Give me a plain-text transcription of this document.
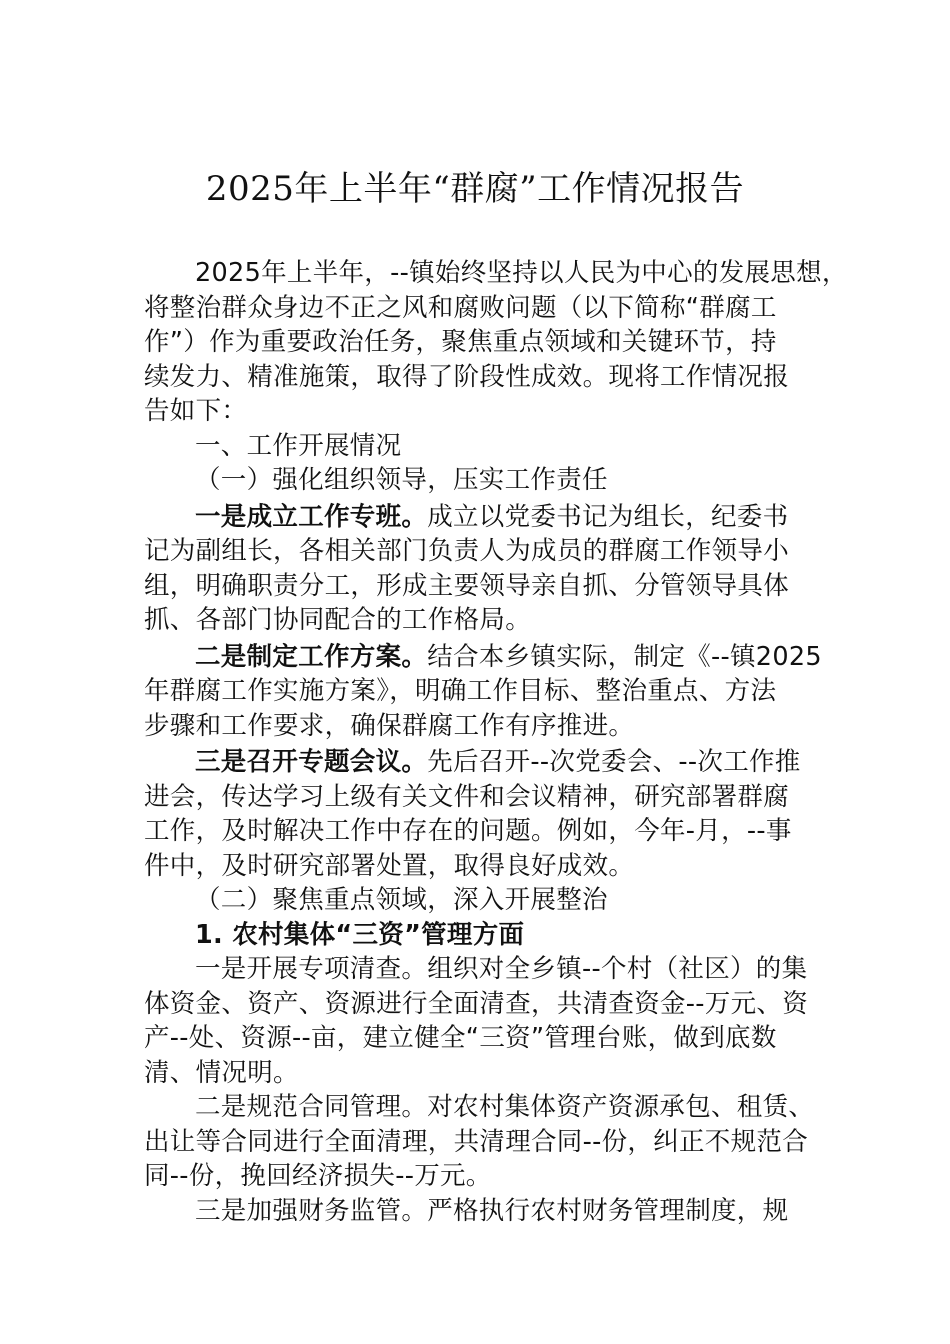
2025年上半年“群腐”工作情况报告
2025年上半年，--镇始终坚持以人民为中心的发展思想，
将整治群众身边不正之风和腐败问题（以下简称“群腐工
作”）作为重要政治任务，聚焦重点领域和关键环节，持
续发力、精准施策，取得了阶段性成效。现将工作情况报
告如下：
一、工作开展情况
（一）强化组织领导，压实工作责任
一是成立工作专班。成立以党委书记为组长，纪委书
记为副组长，各相关部门负责人为成员的群腐工作领导小
组，明确职责分工，形成主要领导亲自抓、分管领导具体
抓、各部门协同配合的工作格局。
二是制定工作方案。结合本乡镇实际，制定《--镇2025
年群腐工作实施方案》，明确工作目标、整治重点、方法
步骤和工作要求，确保群腐工作有序推进。
三是召开专题会议。先后召开--次党委会、--次工作推
进会，传达学习上级有关文件和会议精神，研究部署群腐
工作，及时解决工作中存在的问题。例如，今年-月，--事
件中，及时研究部署处置，取得良好成效。
（二）聚焦重点领域，深入开展整治
1. 农村集体“三资”管理方面
一是开展专项清查。组织对全乡镇--个村（社区）的集
体资金、资产、资源进行全面清查，共清查资金--万元、资
产--处、资源--亩，建立健全“三资”管理台账，做到底数
清、情况明。
二是规范合同管理。对农村集体资产资源承包、租赁、
出让等合同进行全面清理，共清理合同--份，纠正不规范合
同--份，挽回经济损失--万元。
三是加强财务监管。严格执行农村财务管理制度，规
